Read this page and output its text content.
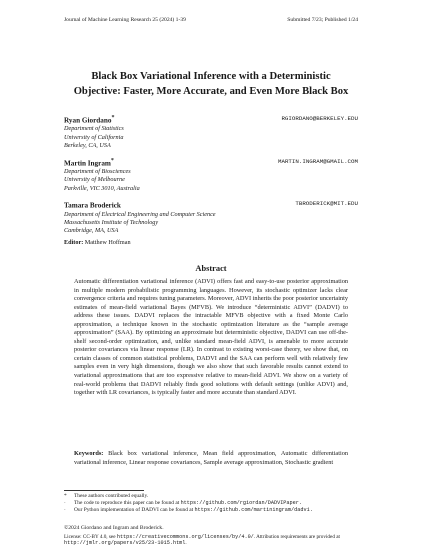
Journal of Machine Learning Research 25 (2024) 1-39	Submitted 7/23; Published 1/24
Black Box Variational Inference with a Deterministic
Objective: Faster, More Accurate, and Even More Black Box
Ryan Giordano*	RGIORDANO@BERKELEY.EDU
Department of Statistics
University of California
Berkeley, CA, USA
Martin Ingram*	MARTIN.INGRAM@GMAIL.COM
Department of Biosciences
University of Melbourne
Parkville, VIC 3010, Australia
Tamara Broderick	TBRODERICK@MIT.EDU
Department of Electrical Engineering and Computer Science
Massachusetts Institute of Technology
Cambridge, MA, USA
Editor: Matthew Hoffman
Abstract
Automatic differentiation variational inference (ADVI) offers fast and easy-to-use posterior approximation in multiple modern probabilistic programming languages. However, its stochastic optimizer lacks clear convergence criteria and requires tuning parameters. Moreover, ADVI inherits the poor posterior uncertainty estimates of mean-field variational Bayes (MFVB). We introduce “deterministic ADVI” (DADVI) to address these issues. DADVI replaces the intractable MFVB objective with a fixed Monte Carlo approximation, a technique known in the stochastic optimization literature as the “sample average approximation” (SAA). By optimizing an approximate but deterministic objective, DADVI can use off-the-shelf second-order optimization, and, unlike standard mean-field ADVI, is amenable to more accurate posterior covariances via linear response (LR). In contrast to existing worst-case theory, we show that, on certain classes of common statistical problems, DADVI and the SAA can perform well with relatively few samples even in very high dimensions, though we also show that such favorable results cannot extend to variational approximations that are too expressive relative to mean-field ADVI. We show on a variety of real-world problems that DADVI reliably finds good solutions with default settings (unlike ADVI) and, together with LR covariances, is typically faster and more accurate than standard ADVI.
Keywords: Black box variational inference, Mean field approximation, Automatic differentiation variational inference, Linear response covariances, Sample average approximation, Stochastic gradient
* These authors contributed equally.
· The code to reproduce this paper can be found at https://github.com/rgiordan/DADVIPaper.
· Our Python implementation of DADVI can be found at https://github.com/martiningram/dadvi.
©2024 Giordano and Ingram and Broderick.
License: CC-BY 4.0, see https://creativecommons.org/licenses/by/4.0/. Attribution requirements are provided at http://jmlr.org/papers/v25/23-1015.html.
